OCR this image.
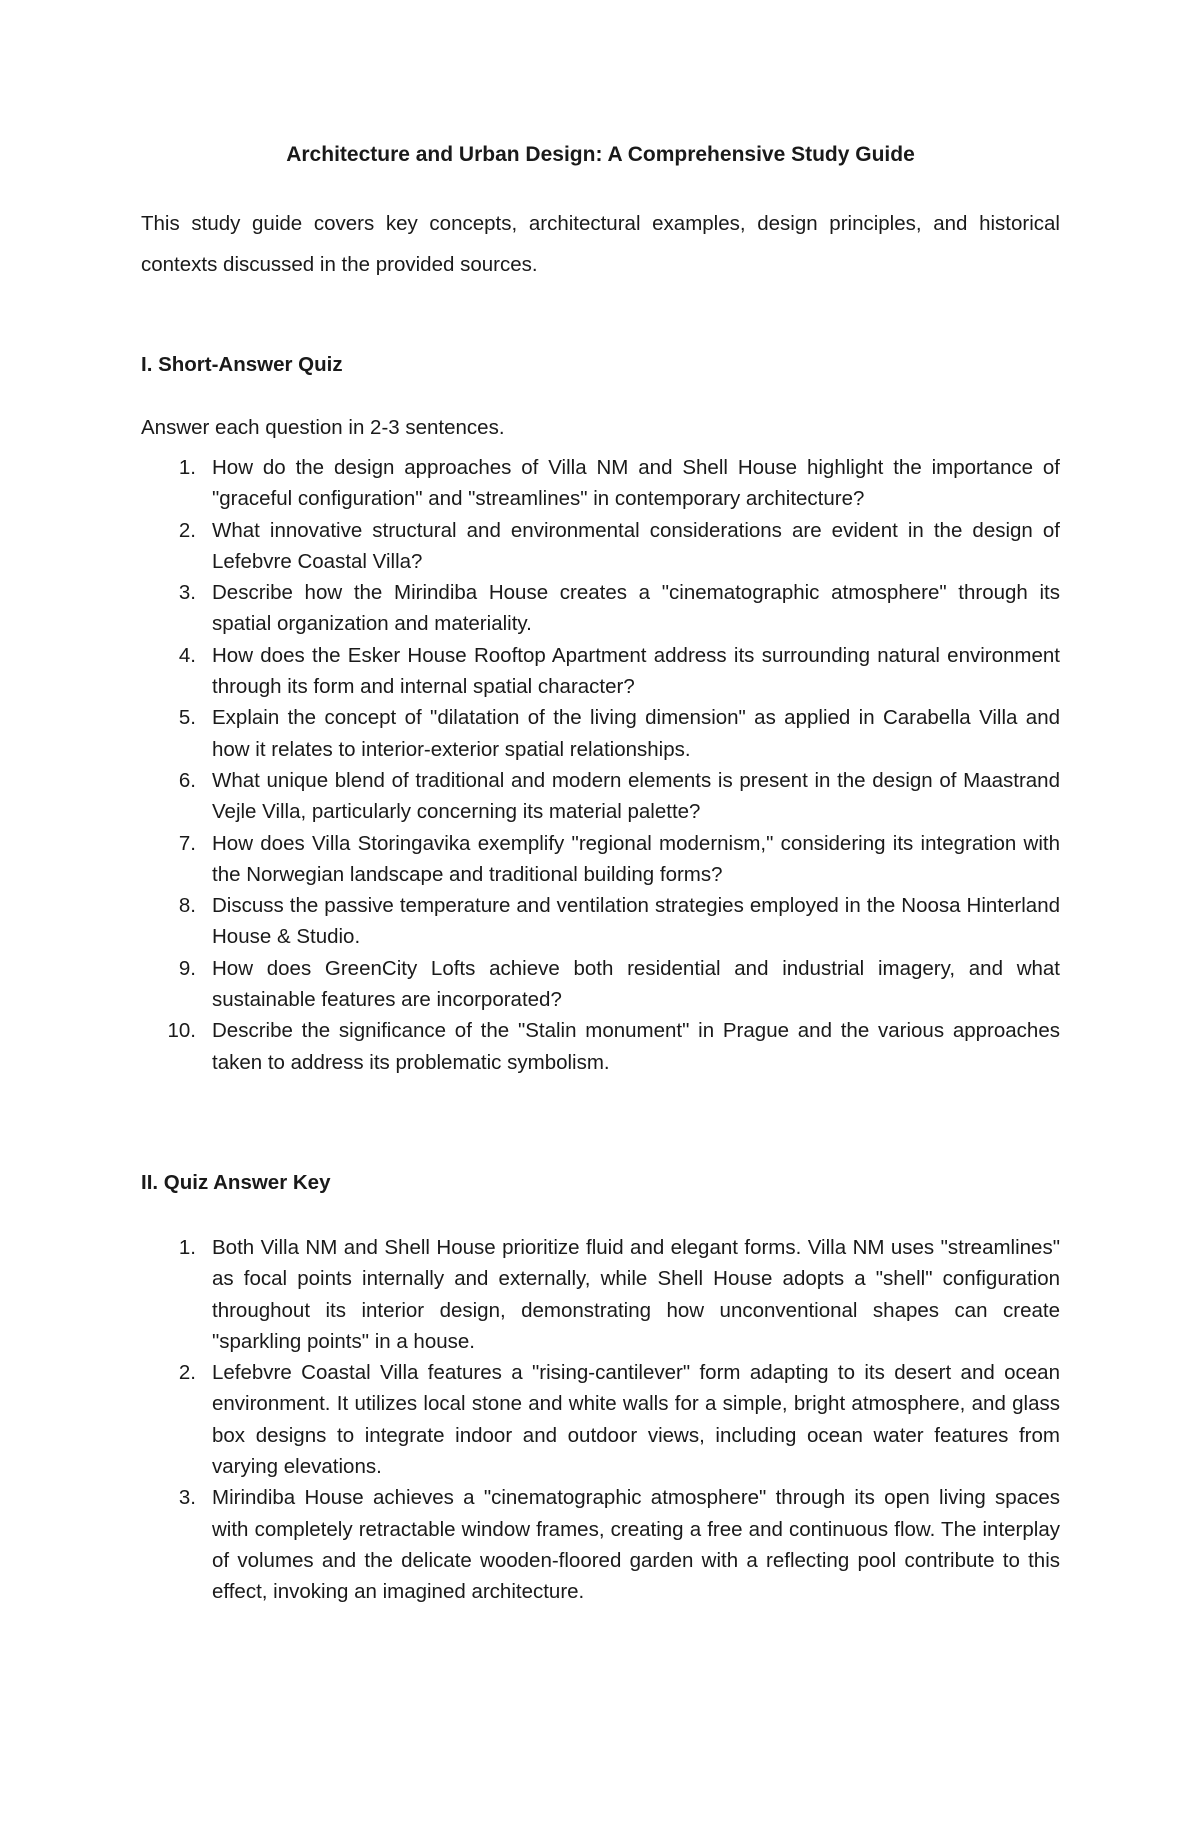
Architecture and Urban Design: A Comprehensive Study Guide

This study guide covers key concepts, architectural examples, design principles, and historical contexts discussed in the provided sources.

I. Short-Answer Quiz

Answer each question in 2-3 sentences.

1. How do the design approaches of Villa NM and Shell House highlight the importance of "graceful configuration" and "streamlines" in contemporary architecture?
2. What innovative structural and environmental considerations are evident in the design of Lefebvre Coastal Villa?
3. Describe how the Mirindiba House creates a "cinematographic atmosphere" through its spatial organization and materiality.
4. How does the Esker House Rooftop Apartment address its surrounding natural environment through its form and internal spatial character?
5. Explain the concept of "dilatation of the living dimension" as applied in Carabella Villa and how it relates to interior-exterior spatial relationships.
6. What unique blend of traditional and modern elements is present in the design of Maastrand Vejle Villa, particularly concerning its material palette?
7. How does Villa Storingavika exemplify "regional modernism," considering its integration with the Norwegian landscape and traditional building forms?
8. Discuss the passive temperature and ventilation strategies employed in the Noosa Hinterland House & Studio.
9. How does GreenCity Lofts achieve both residential and industrial imagery, and what sustainable features are incorporated?
10. Describe the significance of the "Stalin monument" in Prague and the various approaches taken to address its problematic symbolism.
II. Quiz Answer Key
1. Both Villa NM and Shell House prioritize fluid and elegant forms. Villa NM uses "streamlines" as focal points internally and externally, while Shell House adopts a "shell" configuration throughout its interior design, demonstrating how unconventional shapes can create "sparkling points" in a house.
2. Lefebvre Coastal Villa features a "rising-cantilever" form adapting to its desert and ocean environment. It utilizes local stone and white walls for a simple, bright atmosphere, and glass box designs to integrate indoor and outdoor views, including ocean water features from varying elevations.
3. Mirindiba House achieves a "cinematographic atmosphere" through its open living spaces with completely retractable window frames, creating a free and continuous flow. The interplay of volumes and the delicate wooden-floored garden with a reflecting pool contribute to this effect, invoking an imagined architecture.
